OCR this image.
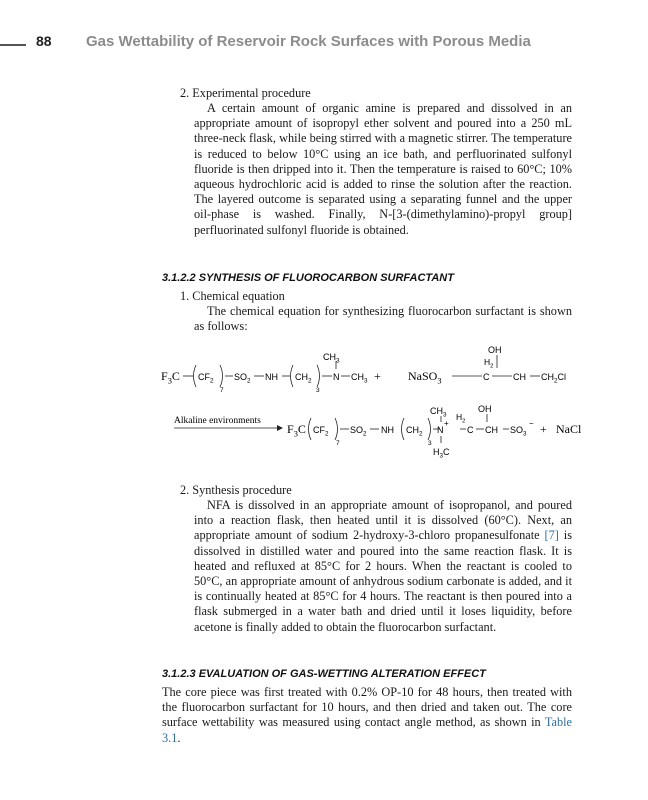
88 Gas Wettability of Reservoir Rock Surfaces with Porous Media
2. Experimental procedure

A certain amount of organic amine is prepared and dissolved in an appropriate amount of isopropyl ether solvent and poured into a 250 mL three-neck flask, while being stirred with a magnetic stirrer. The temperature is reduced to below 10°C using an ice bath, and perfluorinated sulfonyl fluoride is then dripped into it. Then the temperature is raised to 60°C; 10% aqueous hydrochloric acid is added to rinse the solution after the reaction. The layered outcome is separated using a separating funnel and the upper oil-phase is washed. Finally, N-[3-(dimethylamino)-propyl group] perfluorinated sulfonyl fluoride is obtained.

3.1.2.2 SYNTHESIS OF FLUOROCARBON SURFACTANT
1. Chemical equation

The chemical equation for synthesizing fluorocarbon surfactant is shown as follows:

$F_3C$ $CF_2$
7
$SO_2$ NH $CH_2$
3
N
$CH_3$
$CH_3$ + NaSO$_3$
$H_2$
C
OH
CH $CH_2Cl$
Alkaline environments
$F_3C$ $CF_2$
7
$SO_2$ NH $CH_2$
3
N
+
$CH_3$
$H_3C$
$H_2$
C
OH
CH $SO_3$
− + NaCl
2. Synthesis procedure

NFA is dissolved in an appropriate amount of isopropanol, and poured into a reaction flask, then heated until it is dissolved (60°C). Next, an appropriate amount of sodium 2-hydroxy-3-chloro propanesulfonate [7] is dissolved in distilled water and poured into the same reaction flask. It is heated and refluxed at 85°C for 2 hours. When the reactant is cooled to 50°C, an appropriate amount of anhydrous sodium carbonate is added, and it is continually heated at 85°C for 4 hours. The reactant is then poured into a flask submerged in a water bath and dried until it loses liquidity, before acetone is finally added to obtain the fluorocarbon surfactant.

3.1.2.3 EVALUATION OF GAS-WETTING ALTERATION EFFECT

The core piece was first treated with 0.2% OP-10 for 48 hours, then treated with the fluorocarbon surfactant for 10 hours, and then dried and taken out. The core surface wettability was measured using contact angle method, as shown in Table 3.1.
